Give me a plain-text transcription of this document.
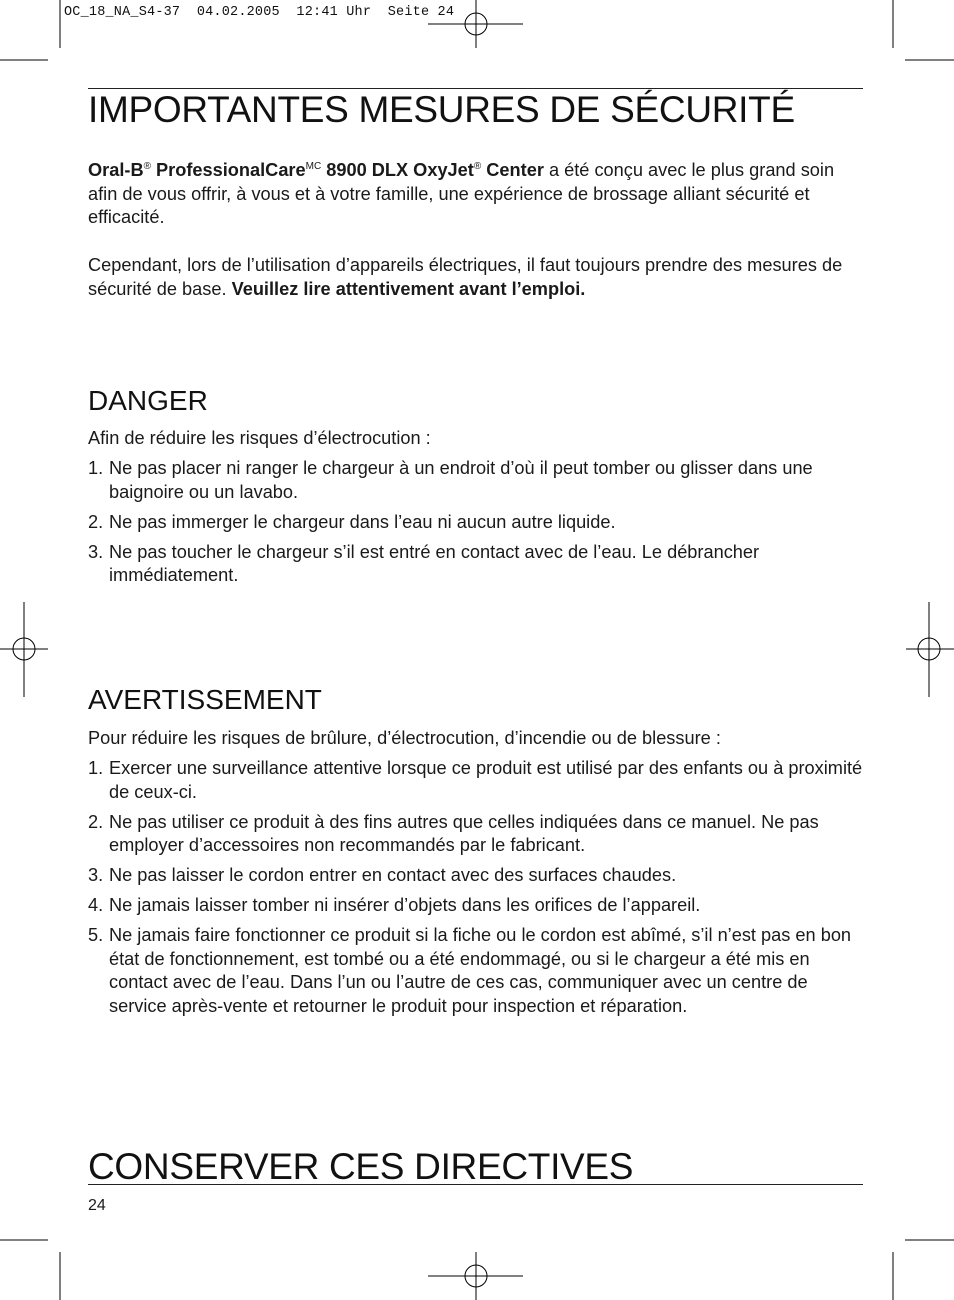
OC_18_NA_S4-37  04.02.2005  12:41 Uhr  Seite 24
IMPORTANTES MESURES DE SÉCURITÉ

Oral-B® ProfessionalCare$^{MC}$ 8900 DLX OxyJet® Center a été conçu avec le plus grand soin afin de vous offrir, à vous et à votre famille, une expérience de brossage alliant sécurité et efficacité.

Cependant, lors de l’utilisation d’appareils électriques, il faut toujours prendre des mesures de sécurité de base. Veuillez lire attentivement avant l’emploi.

DANGER

Afin de réduire les risques d’électrocution :

1. Ne pas placer ni ranger le chargeur à un endroit d’où il peut tomber ou glisser dans une baignoire ou un lavabo.
2. Ne pas immerger le chargeur dans l’eau ni aucun autre liquide.
3. Ne pas toucher le chargeur s’il est entré en contact avec de l’eau. Le débrancher immédiatement.
AVERTISSEMENT

Pour réduire les risques de brûlure, d’électrocution, d’incendie ou de blessure :

1. Exercer une surveillance attentive lorsque ce produit est utilisé par des enfants ou à proximité de ceux-ci.
2. Ne pas utiliser ce produit à des fins autres que celles indiquées dans ce manuel. Ne pas employer d’accessoires non recommandés par le fabricant.
3. Ne pas laisser le cordon entrer en contact avec des surfaces chaudes.
4. Ne jamais laisser tomber ni insérer d’objets dans les orifices de l’appareil.
5. Ne jamais faire fonctionner ce produit si la fiche ou le cordon est abîmé, s’il n’est pas en bon état de fonctionnement, est tombé ou a été endommagé, ou si le chargeur a été mis en contact avec de l’eau. Dans l’un ou l’autre de ces cas, communiquer avec un centre de service après-vente et retourner le produit pour inspection et réparation.
CONSERVER CES DIRECTIVES

24
